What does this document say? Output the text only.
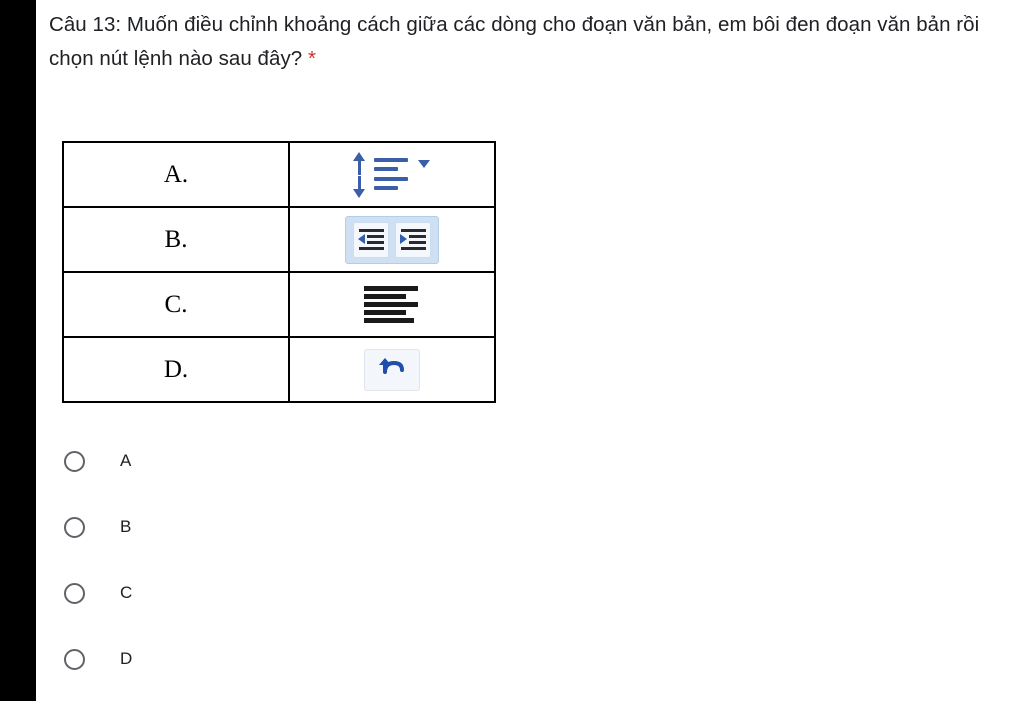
Câu 13: Muốn điều chỉnh khoảng cách giữa các dòng cho đoạn văn bản, em bôi đen đoạn văn bản rồi chọn nút lệnh nào sau đây? *
A.	

B.	

C.	

D.	
A
B
C
D
